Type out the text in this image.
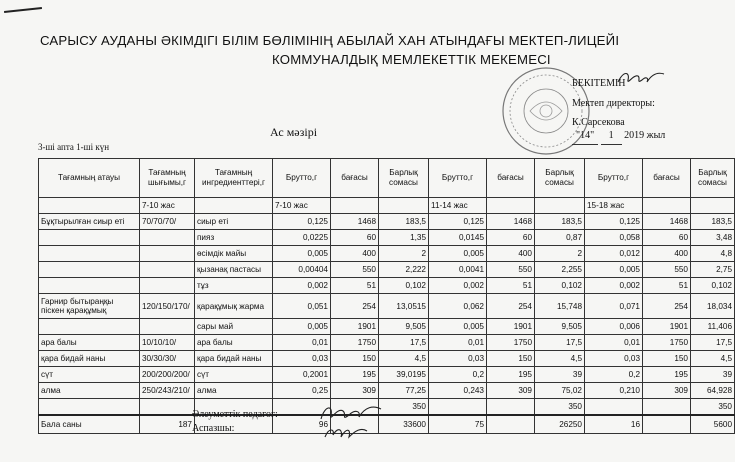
САРЫСУ АУДАНЫ ӘКІМДІГІ БІЛІМ БӨЛІМІНІҢ АБЫЛАЙ ХАН АТЫНДАҒЫ МЕКТЕП-ЛИЦЕЙІ
КОММУНАЛДЫҚ МЕМЛЕКЕТТІК МЕКЕМЕСІ
БЕКІТЕМІН
Мектеп директоры:
К.Сарсекова
"14" 1 2019 жыл
Ас мәзірі
3-ші апта 1-ші күн
Тағамның атауы	Тағамның шығымы,г	Тағамның ингредиенттері,г	Брутто,г	бағасы	Барлық сомасы	Брутто,г	бағасы	Барлық сомасы	Брутто,г	бағасы	Барлық сомасы
	7-10 жас		7-10 жас			11-14 жас			15-18 жас		
Бұқтырылған сиыр еті	70/70/70/	сиыр еті	0,125	1468	183,5	0,125	1468	183,5	0,125	1468	183,5
		пияз	0,0225	60	1,35	0,0145	60	0,87	0,058	60	3,48
		өсімдік майы	0,005	400	2	0,005	400	2	0,012	400	4,8
		қызанақ пастасы	0,00404	550	2,222	0,0041	550	2,255	0,005	550	2,75
		тұз	0,002	51	0,102	0,002	51	0,102	0,002	51	0,102
Гарнир бытыраңқы піскен қарақұмық	120/150/170/	қарақұмық жарма	0,051	254	13,0515	0,062	254	15,748	0,071	254	18,034
		сары май	0,005	1901	9,505	0,005	1901	9,505	0,006	1901	11,406
ара балы	10/10/10/	ара балы	0,01	1750	17,5	0,01	1750	17,5	0,01	1750	17,5
қара бидай наны	30/30/30/	қара бидай наны	0,03	150	4,5	0,03	150	4,5	0,03	150	4,5
сүт	200/200/200/	сүт	0,2001	195	39,0195	0,2	195	39	0,2	195	39
алма	250/243/210/	алма	0,25	309	77,25	0,243	309	75,02	0,210	309	64,928
					350			350			350
Бала саны	187		96		33600	75		26250	16		5600
Әлеуметтік педагог:
Аспазшы:
